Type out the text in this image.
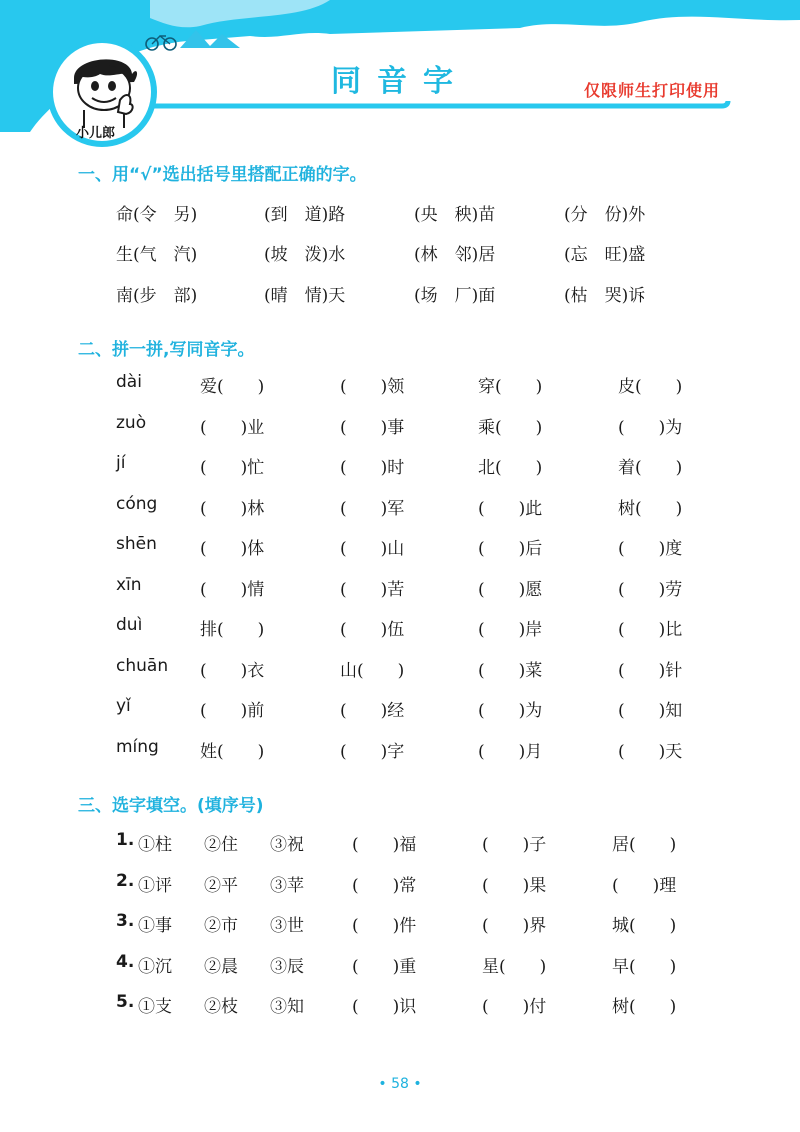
同音字	仅限师生打印使用
小儿郎
一、用“√”选出括号里搭配正确的字。
命(令　另)	(到　道)路	(央　秧)苗	(分　份)外
生(气　汽)	(坡　泼)水	(林　邻)居	(忘　旺)盛
南(步　部)	(晴　情)天	(场　厂)面	(枯　哭)诉
二、拼一拼,写同音字。
dài	爱(　　)	(　　)领	穿(　　)	皮(　　)
zuò	(　　)业	(　　)事	乘(　　)	(　　)为
jí	(　　)忙	(　　)时	北(　　)	着(　　)
cóng	(　　)林	(　　)军	(　　)此	树(　　)
shēn	(　　)体	(　　)山	(　　)后	(　　)度
xīn	(　　)情	(　　)苦	(　　)愿	(　　)劳
duì	排(　　)	(　　)伍	(　　)岸	(　　)比
chuān (　　)衣	山(　　)	(　　)菜	(　　)针
yǐ	(　　)前	(　　)经	(　　)为	(　　)知
míng 姓(　　)	(　　)字	(　　)月	(　　)天
三、选字填空。(填序号)
1. ①柱 ②住 ③祝	(　　)福	(　　)子	居(　　)
2. ①评 ②平 ③苹	(　　)常	(　　)果	(　　)理
3. ①事 ②市 ③世	(　　)件	(　　)界	城(　　)
4. ①沉 ②晨 ③辰	(　　)重	星(　　)	早(　　)
5. ①支 ②枝 ③知	(　　)识	(　　)付	树(　　)
• 58 •
